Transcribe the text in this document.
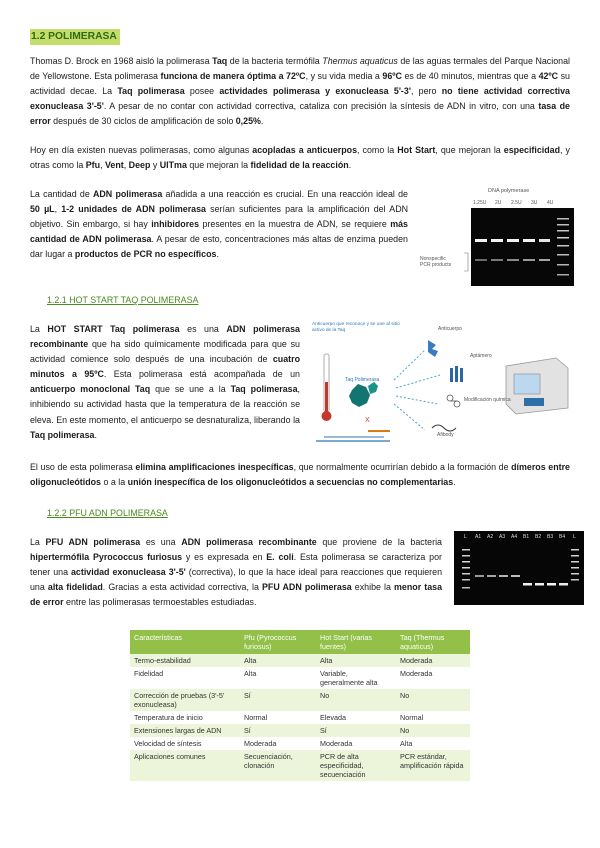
1.2 POLIMERASA
Thomas D. Brock en 1968 aisló la polimerasa Taq de la bacteria termófila Thermus aquaticus de las aguas termales del Parque Nacional de Yellowstone. Esta polimerasa funciona de manera óptima a 72ºC, y su vida media a 96ºC es de 40 minutos, mientras que a 42ºC su actividad decae. La Taq polimerasa posee actividades polimerasa y exonucleasa 5'-3', pero no tiene actividad correctiva exonucleasa 3'-5'. A pesar de no contar con actividad correctiva, cataliza con precisión la síntesis de ADN in vitro, con una tasa de error después de 30 ciclos de amplificación de solo 0,25%.
Hoy en día existen nuevas polimerasas, como algunas acopladas a anticuerpos, como la Hot Start, que mejoran la especificidad, y otras como la Pfu, Vent, Deep y UlTma que mejoran la fidelidad de la reacción.
La cantidad de ADN polimerasa añadida a una reacción es crucial. En una reacción ideal de 50 µL, 1-2 unidades de ADN polimerasa serían suficientes para la amplificación del ADN objetivo. Sin embargo, si hay inhibidores presentes en la muestra de ADN, se requiere más cantidad de ADN polimerasa. A pesar de esto, concentraciones más altas de enzima pueden dar lugar a productos de PCR no específicos.
DNA polymerase
1.25U 2U 2.5U 3U 4U
Nonspecific
PCR products
1.2.1 HOT START TAQ POLIMERASA
La HOT START Taq polimerasa es una ADN polimerasa recombinante que ha sido químicamente modificada para que su actividad comience solo después de una incubación de cuatro minutos a 95ºC. Esta polimerasa está acompañada de un anticuerpo monoclonal Taq que se une a la Taq polimerasa, inhibiendo su actividad hasta que la temperatura de la reacción se eleva. En este momento, el anticuerpo se desnaturaliza, liberando la Taq polimerasa.
Anticuerpo que reconoce y se une al sitio activo de la Taq
X
Taq Polimerasa
Anticuerpo
Aptámero
Modificación química
Afibody
El uso de esta polimerasa elimina amplificaciones inespecíficas, que normalmente ocurrirían debido a la formación de dímeros entre oligonucleótidos o a la unión inespecífica de los oligonucleótidos a secuencias no complementarias.
1.2.2 PFU ADN POLIMERASA
La PFU ADN polimerasa es una ADN polimerasa recombinante que proviene de la bacteria hipertermófila Pyrococcus furiosus y es expresada en E. coli. Esta polimerasa se caracteriza por tener una actividad exonucleasa 3'-5' (correctiva), lo que la hace ideal para reacciones que requieren una alta fidelidad. Gracias a esta actividad correctiva, la PFU ADN polimerasa exhibe la menor tasa de error entre las polimerasas termoestables estudiadas.
L A1 A2 A3 A4 B1 B2 B3 B4 L
Características	Pfu (Pyrococcus furiosus)	Hot Start (varias fuentes)	Taq (Thermus aquaticus)
Termo-estabilidad	Alta	Alta	Moderada
Fidelidad	Alta	Variable, generalmente alta	Moderada
Corrección de pruebas (3'-5' exonucleasa)	Sí	No	No
Temperatura de inicio	Normal	Elevada	Normal
Extensiones largas de ADN	Sí	Sí	No
Velocidad de síntesis	Moderada	Moderada	Alta
Aplicaciones comunes	Secuenciación, clonación	PCR de alta especificidad, secuenciación	PCR estándar, amplificación rápida
